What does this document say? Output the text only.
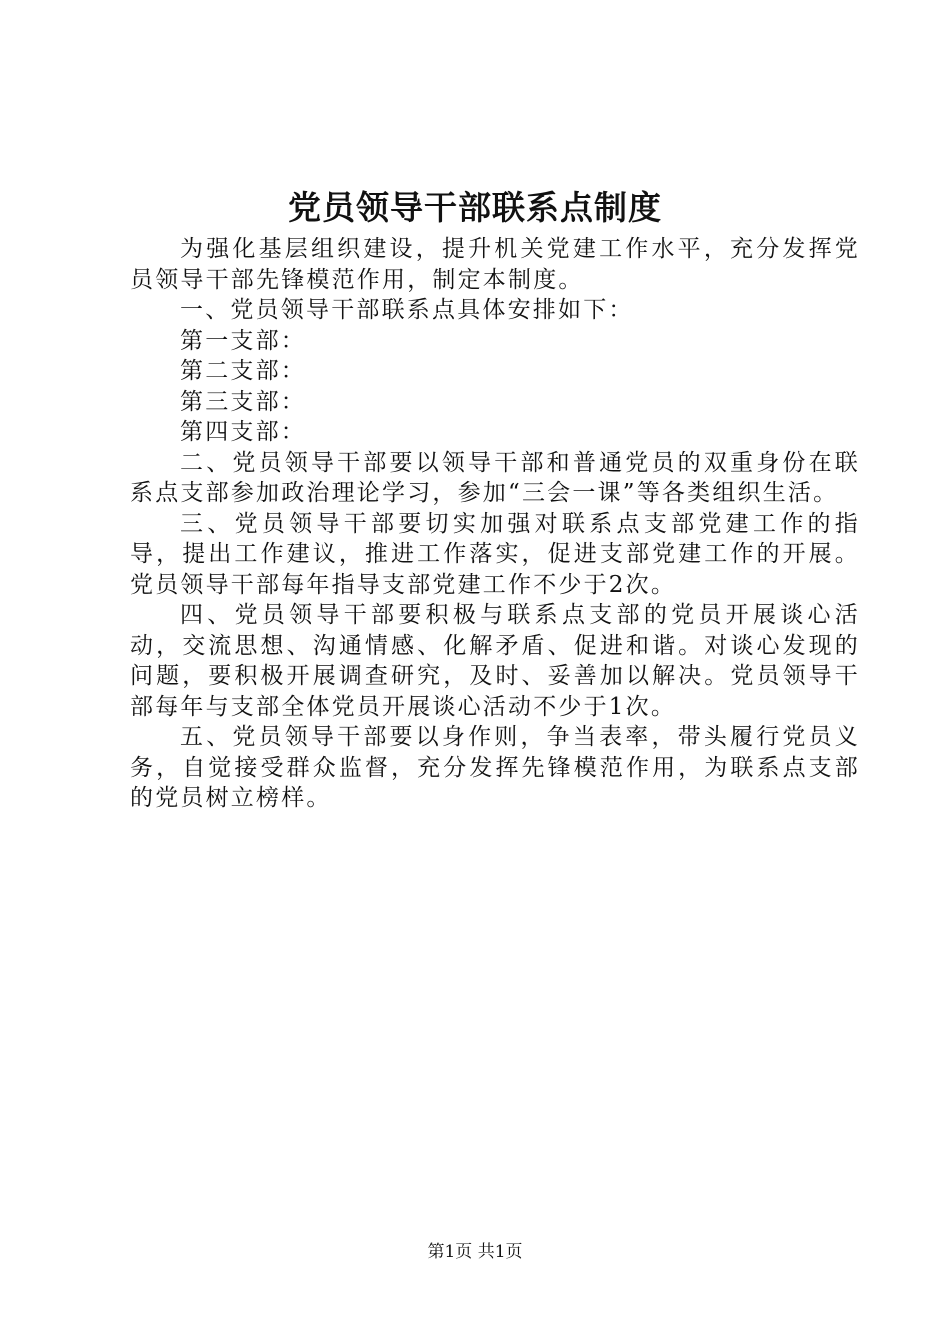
党员领导干部联系点制度

为强化基层组织建设，提升机关党建工作水平，充分发挥党员领导干部先锋模范作用，制定本制度。

一、党员领导干部联系点具体安排如下：

第一支部：

第二支部：

第三支部：

第四支部：

二、党员领导干部要以领导干部和普通党员的双重身份在联系点支部参加政治理论学习，参加“三会一课”等各类组织生活。

三、党员领导干部要切实加强对联系点支部党建工作的指导，提出工作建议，推进工作落实，促进支部党建工作的开展。党员领导干部每年指导支部党建工作不少于2次。

四、党员领导干部要积极与联系点支部的党员开展谈心活动，交流思想、沟通情感、化解矛盾、促进和谐。对谈心发现的问题，要积极开展调查研究，及时、妥善加以解决。党员领导干部每年与支部全体党员开展谈心活动不少于1次。

五、党员领导干部要以身作则，争当表率，带头履行党员义务，自觉接受群众监督，充分发挥先锋模范作用，为联系点支部的党员树立榜样。

第1页 共1页
